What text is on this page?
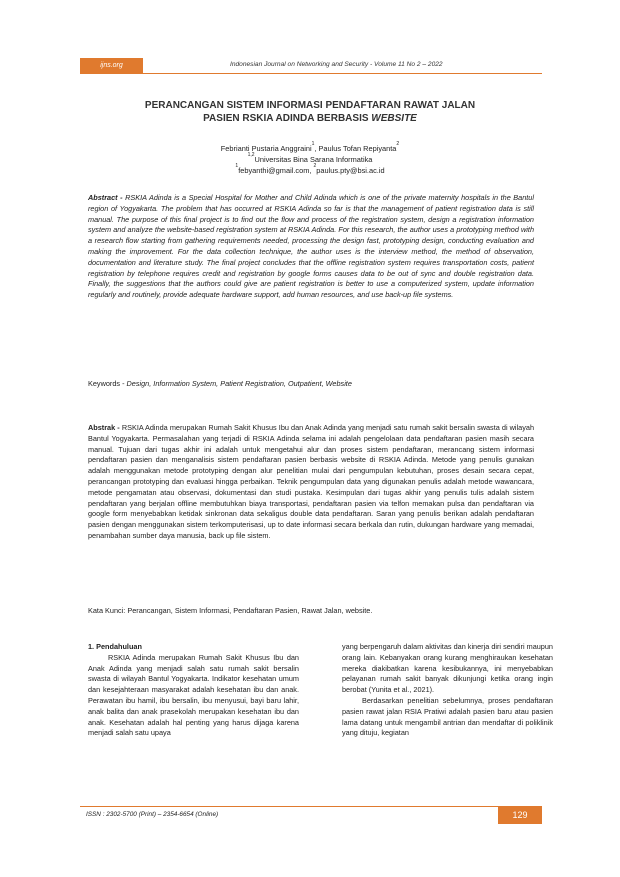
ijns.org	Indonesian Journal on Networking and Security - Volume 11 No 2 – 2022
PERANCANGAN SISTEM INFORMASI PENDAFTARAN RAWAT JALAN
PASIEN RSKIA ADINDA BERBASIS WEBSITE
Febrianti Pustaria Anggraini$^1$, Paulus Tofan Repiyanta$^2$
$^{1,2}$Universitas Bina Sarana Informatika
$^1$febyanthi@gmail.com, $^2$paulus.pty@bsi.ac.id
Abstract - RSKIA Adinda is a Special Hospital for Mother and Child Adinda which is one of the private maternity hospitals in the Bantul region of Yogyakarta. The problem that has occurred at RSKIA Adinda so far is that the management of patient registration data is still manual. The purpose of this final project is to find out the flow and process of the registration system, design a registration information system and analyze the website-based registration system at RSKIA Adinda. For this research, the author uses a prototyping method with a research flow starting from gathering requirements needed, processing the design fast, prototyping design, conducting evaluation and making the improvement. For the data collection technique, the author uses is the interview method, the method of observation, documentation and literature study. The final project concludes that the offline registration system requires transportation costs, patient registration by telephone requires credit and registration by google forms causes data to be out of sync and double registration data. Finally, the suggestions that the authors could give are patient registration is better to use a computerized system, update information regularly and routinely, provide adequate hardware support, add human resources, and use back-up file systems.
Keywords - Design, Information System, Patient Registration, Outpatient, Website
Abstrak - RSKIA Adinda merupakan Rumah Sakit Khusus Ibu dan Anak Adinda yang menjadi satu rumah sakit bersalin swasta di wilayah Bantul Yogyakarta. Permasalahan yang terjadi di RSKIA Adinda selama ini adalah pengelolaan data pendaftaran pasien masih secara manual. Tujuan dari tugas akhir ini adalah untuk mengetahui alur dan proses sistem pendaftaran, merancang sistem informasi pendaftaran pasien dan menganalisis sistem pendaftaran pasien berbasis website di RSKIA Adinda. Metode yang penulis gunakan adalah menggunakan metode prototyping dengan alur penelitian mulai dari pengumpulan kebutuhan, proses desain secara cepat, perancangan prototyping dan evaluasi hingga perbaikan. Teknik pengumpulan data yang digunakan penulis adalah metode wawancara, metode pengamatan atau observasi, dokumentasi dan studi pustaka. Kesimpulan dari tugas akhir yang penulis tulis adalah sistem pendaftaran yang berjalan offline membutuhkan biaya transportasi, pendaftaran pasien via telfon memakan pulsa dan pendaftaran via google form menyebabkan ketidak sinkronan data sekaligus double data pendaftaran. Saran yang penulis berikan adalah pendaftaran pasien dengan menggunakan sistem terkomputerisasi, up to date informasi secara berkala dan rutin, dukungan hardware yang memadai, penambahan sumber daya manusia, back up file sistem.
Kata Kunci: Perancangan, Sistem Informasi, Pendaftaran Pasien, Rawat Jalan, website.
1. Pendahuluan

RSKIA Adinda merupakan Rumah Sakit Khusus Ibu dan Anak Adinda yang menjadi salah satu rumah sakit bersalin swasta di wilayah Bantul Yogyakarta. Indikator kesehatan umum dan kesejahteraan masyarakat adalah kesehatan ibu dan anak. Perawatan ibu hamil, ibu bersalin, ibu menyusui, bayi baru lahir, anak balita dan anak prasekolah merupakan kesehatan ibu dan anak. Kesehatan adalah hal penting yang harus dijaga karena menjadi salah satu upaya

yang berpengaruh dalam aktivitas dan kinerja diri sendiri maupun orang lain. Kebanyakan orang kurang menghiraukan kesehatan mereka diakibatkan karena kesibukannya, ini menyebabkan pelayanan rumah sakit banyak dikunjungi ketika orang ingin berobat (Yunita et al., 2021).

Berdasarkan penelitian sebelumnya, proses pendaftaran pasien rawat jalan RSIA Pratiwi adalah pasien baru atau pasien lama datang untuk mengambil antrian dan mendaftar di poliklinik yang dituju, kegiatan

ISSN : 2302-5700 (Print) – 2354-6654 (Online)	129
